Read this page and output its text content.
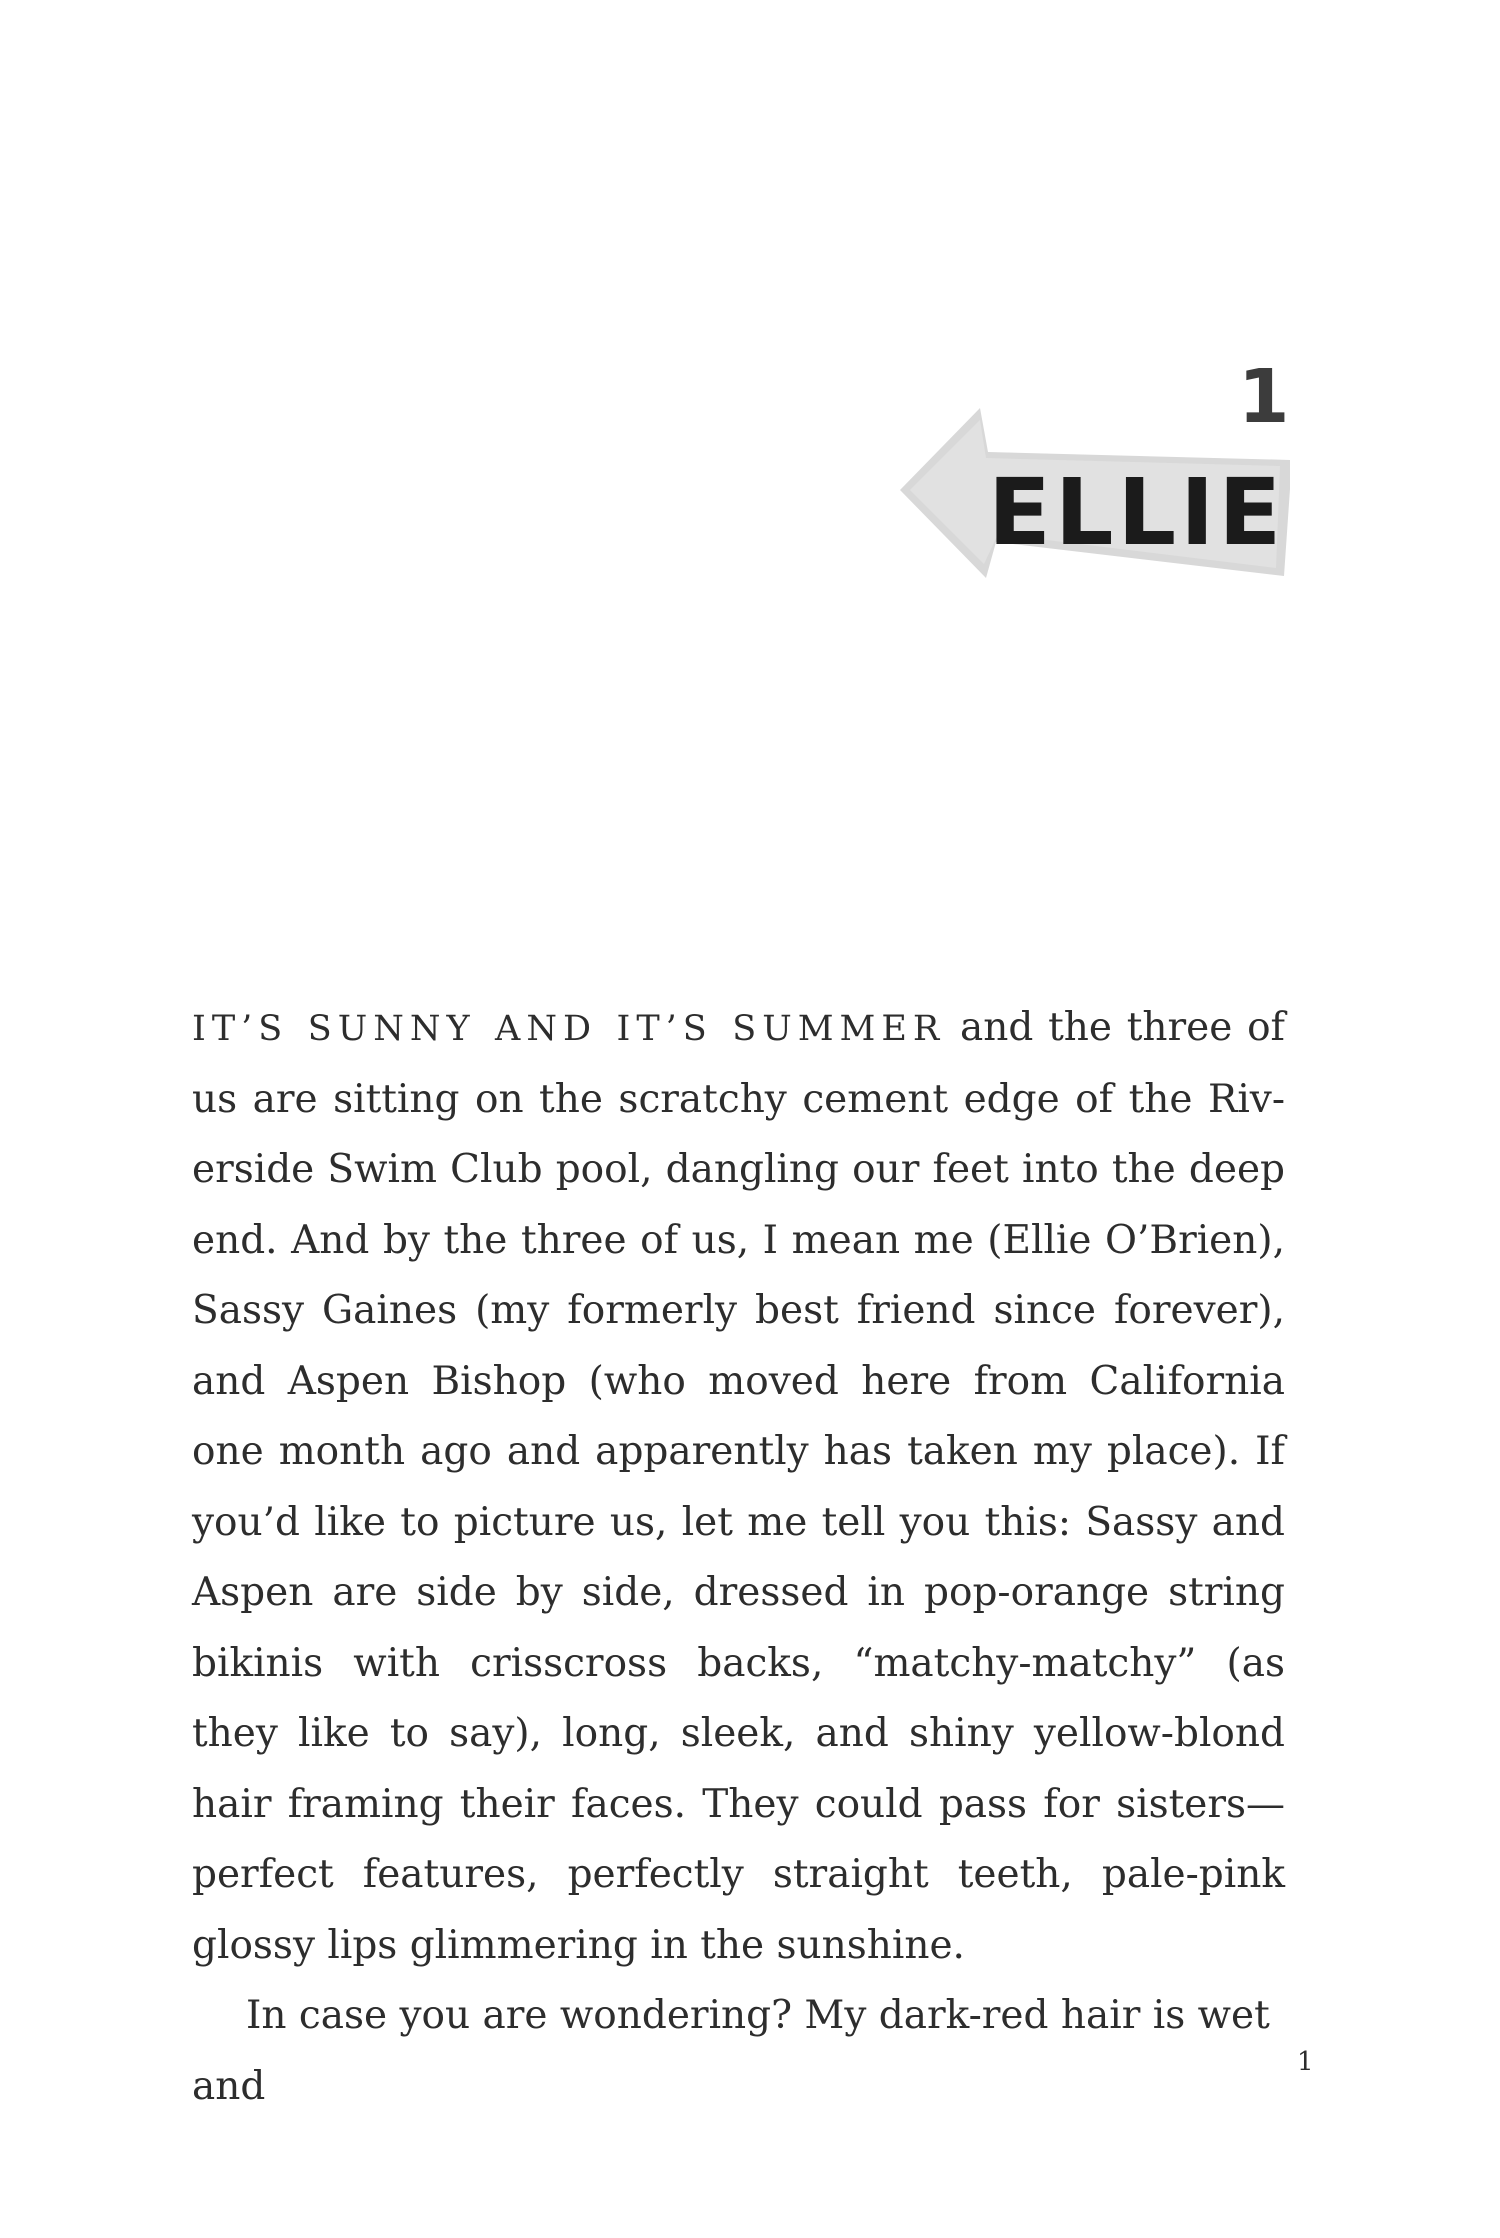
1
ELLIE

IT’S SUNNY AND IT’S SUMMER and the three of us are sitting on the scratchy cement edge of the Riv- erside Swim Club pool, dangling our feet into the deep end. And by the three of us, I mean me (Ellie O’Brien), Sassy Gaines (my formerly best friend since forever), and Aspen Bishop (who moved here from California one month ago and apparently has taken my place). If you’d like to picture us, let me tell you this: Sassy and Aspen are side by side, dressed in pop-orange string bikinis with crisscross backs, “matchy-matchy” (as they like to say), long, sleek, and shiny yellow-blond hair framing their faces. They could pass for sisters—perfect features, perfectly straight teeth, pale-pink glossy lips glimmering in the sunshine.

In case you are wondering? My dark-red hair is wet and

1
